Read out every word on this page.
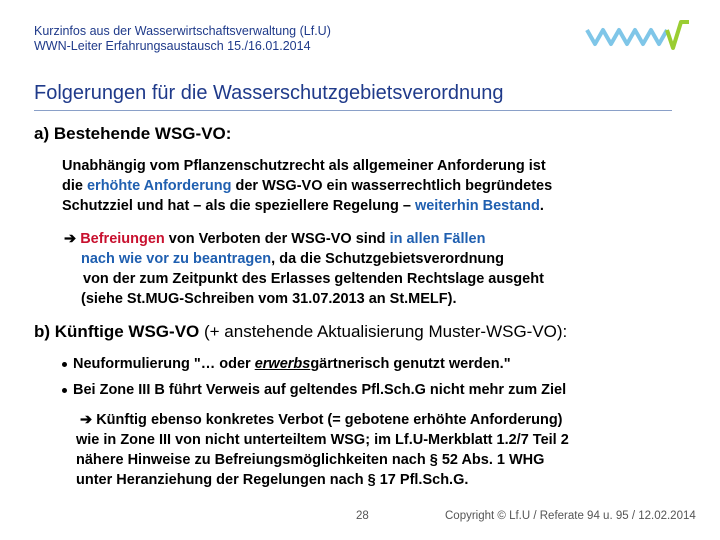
Kurzinfos aus der Wasserwirtschaftsverwaltung (Lf.U)
WWN-Leiter Erfahrungsaustausch 15./16.01.2014
Folgerungen für die Wasserschutzgebietsverordnung
a) Bestehende WSG-VO:
Unabhängig vom Pflanzenschutzrecht als allgemeiner Anforderung ist
die erhöhte Anforderung der WSG-VO ein wasserrechtlich begründetes
Schutzziel und hat – als die speziellere Regelung – weiterhin Bestand.
➔ Befreiungen von Verboten der WSG-VO sind in allen Fällen
nach wie vor zu beantragen, da die Schutzgebietsverordnung
von der zum Zeitpunkt des Erlasses geltenden Rechtslage ausgeht
(siehe St.MUG-Schreiben vom 31.07.2013 an St.MELF).
b) Künftige WSG-VO (+ anstehende Aktualisierung Muster-WSG-VO):
Neuformulierung "… oder erwerbsgärtnerisch genutzt werden."
Bei Zone III B führt Verweis auf geltendes Pfl.Sch.G nicht mehr zum Ziel
➔ Künftig ebenso konkretes Verbot (= gebotene erhöhte Anforderung)
wie in Zone III von nicht unterteiltem WSG; im Lf.U-Merkblatt 1.2/7 Teil 2
nähere Hinweise zu Befreiungsmöglichkeiten nach § 52 Abs. 1 WHG
unter Heranziehung der Regelungen nach § 17 Pfl.Sch.G.
28	Copyright © Lf.U / Referate 94 u. 95 / 12.02.2014
